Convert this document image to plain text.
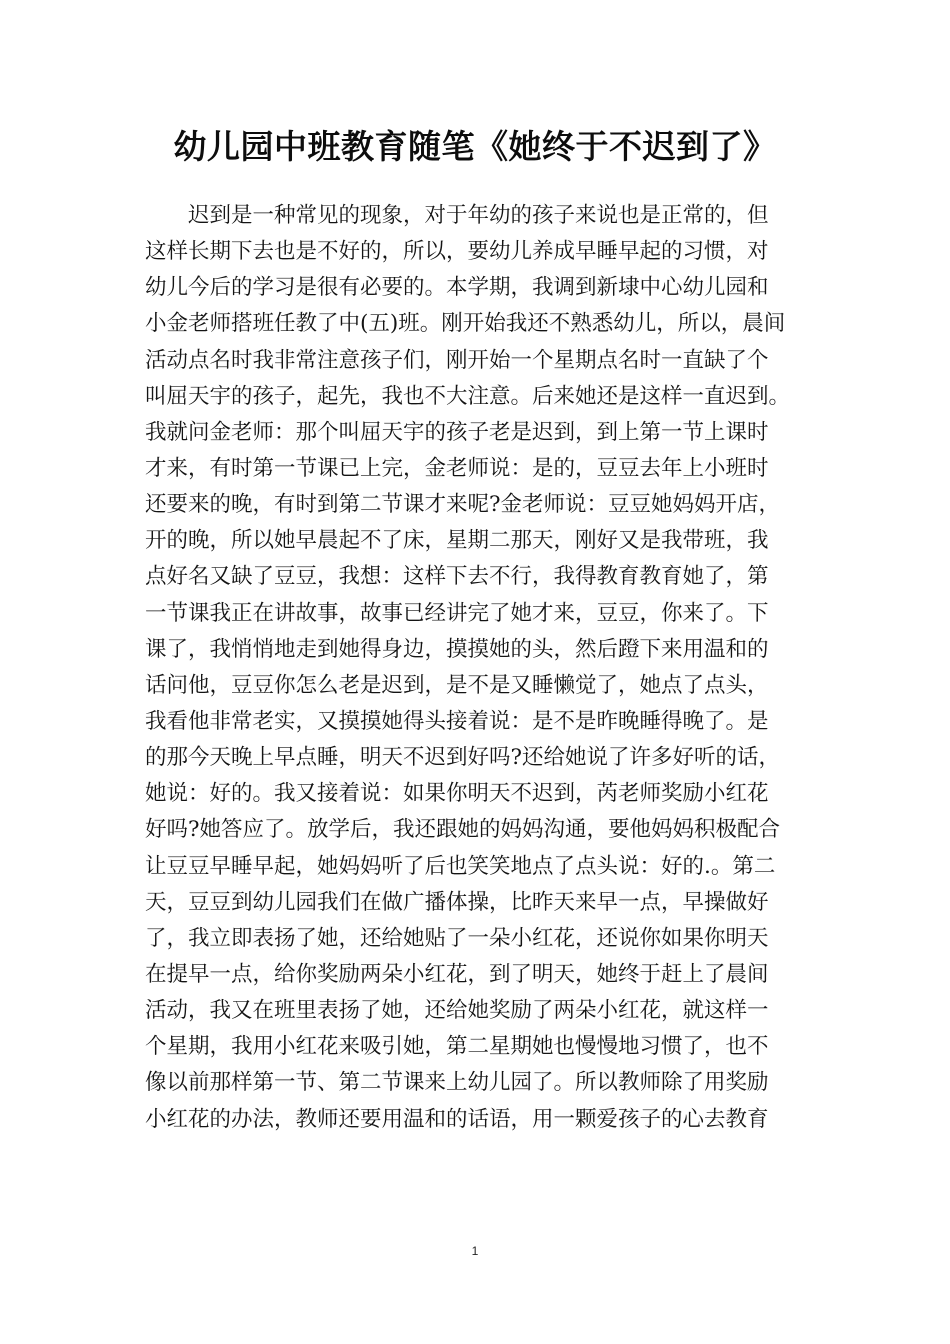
幼儿园中班教育随笔《她终于不迟到了》
迟到是一种常见的现象，对于年幼的孩子来说也是正常的，但
这样长期下去也是不好的，所以，要幼儿养成早睡早起的习惯，对
幼儿今后的学习是很有必要的。本学期，我调到新埭中心幼儿园和
小金老师搭班任教了中(五)班。刚开始我还不熟悉幼儿，所以，晨间
活动点名时我非常注意孩子们，刚开始一个星期点名时一直缺了个
叫屈天宇的孩子，起先，我也不大注意。后来她还是这样一直迟到。
我就问金老师：那个叫屈天宇的孩子老是迟到，到上第一节上课时
才来，有时第一节课已上完，金老师说：是的，豆豆去年上小班时
还要来的晚，有时到第二节课才来呢?金老师说：豆豆她妈妈开店，
开的晚，所以她早晨起不了床，星期二那天，刚好又是我带班，我
点好名又缺了豆豆，我想：这样下去不行，我得教育教育她了，第
一节课我正在讲故事，故事已经讲完了她才来，豆豆，你来了。下
课了，我悄悄地走到她得身边，摸摸她的头，然后蹬下来用温和的
话问他，豆豆你怎么老是迟到，是不是又睡懒觉了，她点了点头，
我看他非常老实，又摸摸她得头接着说：是不是昨晚睡得晚了。是
的那今天晚上早点睡，明天不迟到好吗?还给她说了许多好听的话，
她说：好的。我又接着说：如果你明天不迟到，芮老师奖励小红花
好吗?她答应了。放学后，我还跟她的妈妈沟通，要他妈妈积极配合
让豆豆早睡早起，她妈妈听了后也笑笑地点了点头说：好的.。第二
天，豆豆到幼儿园我们在做广播体操，比昨天来早一点，早操做好
了，我立即表扬了她，还给她贴了一朵小红花，还说你如果你明天
在提早一点，给你奖励两朵小红花，到了明天，她终于赶上了晨间
活动，我又在班里表扬了她，还给她奖励了两朵小红花，就这样一
个星期，我用小红花来吸引她，第二星期她也慢慢地习惯了，也不
像以前那样第一节、第二节课来上幼儿园了。所以教师除了用奖励
小红花的办法，教师还要用温和的话语，用一颗爱孩子的心去教育
1
